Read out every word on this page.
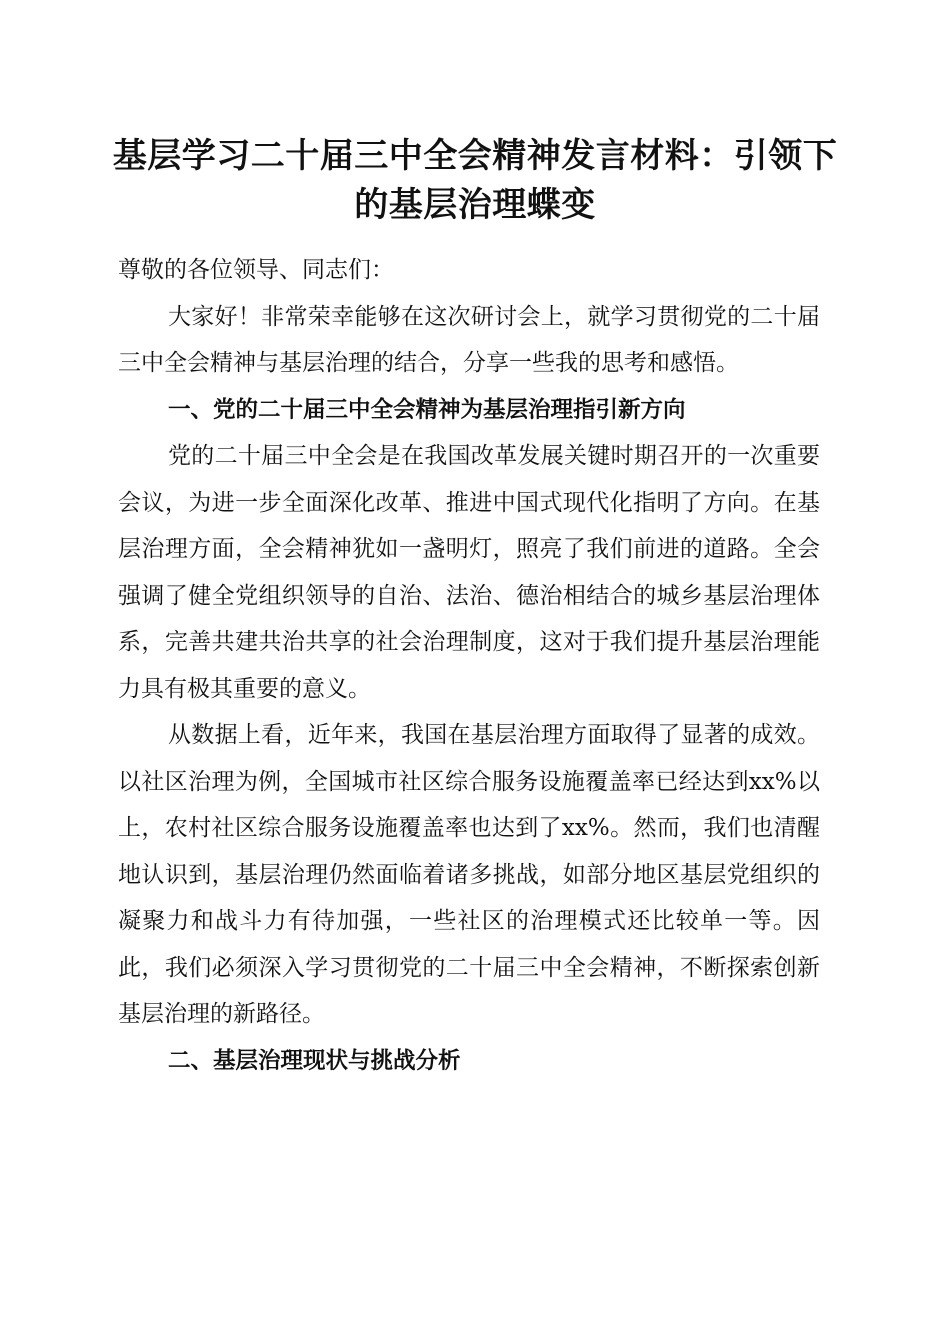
基层学习二十届三中全会精神发言材料：引领下的基层治理蝶变

尊敬的各位领导、同志们：

大家好！非常荣幸能够在这次研讨会上，就学习贯彻党的二十届三中全会精神与基层治理的结合，分享一些我的思考和感悟。

一、党的二十届三中全会精神为基层治理指引新方向

党的二十届三中全会是在我国改革发展关键时期召开的一次重要会议，为进一步全面深化改革、推进中国式现代化指明了方向。在基层治理方面，全会精神犹如一盏明灯，照亮了我们前进的道路。全会强调了健全党组织领导的自治、法治、德治相结合的城乡基层治理体系，完善共建共治共享的社会治理制度，这对于我们提升基层治理能力具有极其重要的意义。

从数据上看，近年来，我国在基层治理方面取得了显著的成效。以社区治理为例，全国城市社区综合服务设施覆盖率已经达到xx%以上，农村社区综合服务设施覆盖率也达到了xx%。然而，我们也清醒地认识到，基层治理仍然面临着诸多挑战，如部分地区基层党组织的凝聚力和战斗力有待加强，一些社区的治理模式还比较单一等。因此，我们必须深入学习贯彻党的二十届三中全会精神，不断探索创新基层治理的新路径。

二、基层治理现状与挑战分析
